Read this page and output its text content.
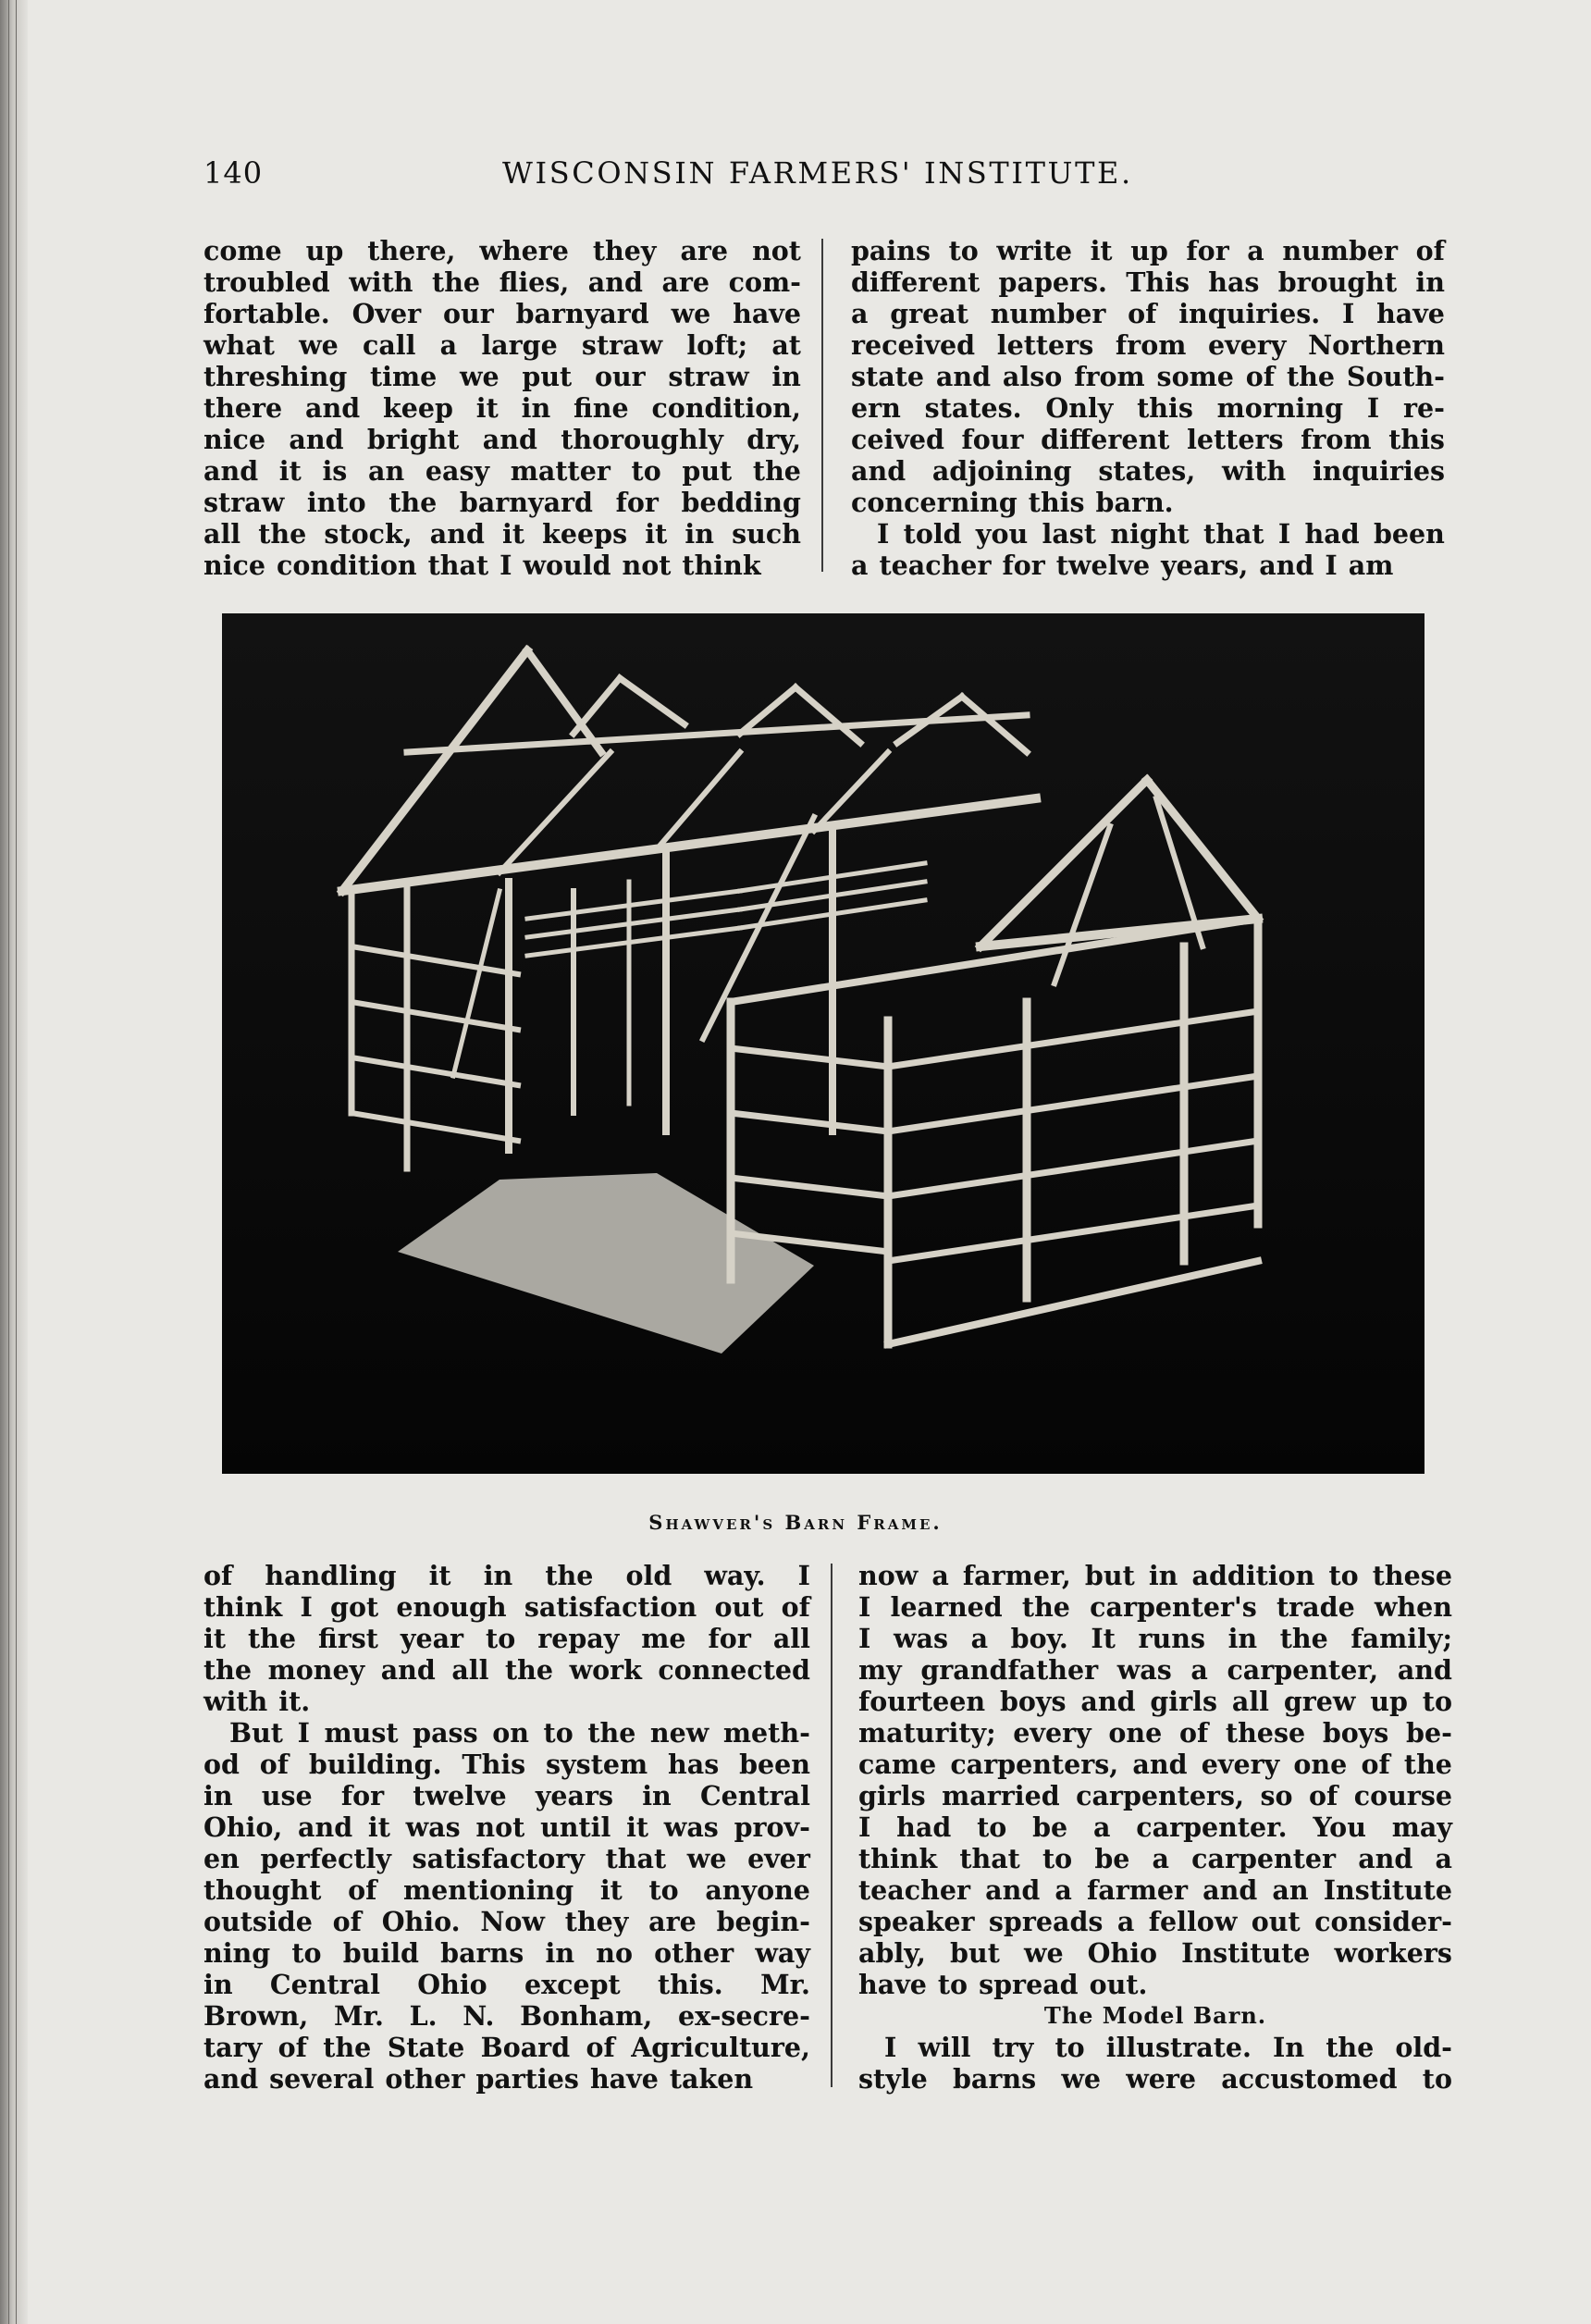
140	WISCONSIN FARMERS' INSTITUTE.
come up there, where they are not
troubled with the flies, and are com-
fortable. Over our barnyard we have
what we call a large straw loft; at
threshing time we put our straw in
there and keep it in fine condition,
nice and bright and thoroughly dry,
and it is an easy matter to put the
straw into the barnyard for bedding
all the stock, and it keeps it in such
nice condition that I would not think
pains to write it up for a number of
different papers. This has brought in
a great number of inquiries. I have
received letters from every Northern
state and also from some of the South-
ern states. Only this morning I re-
ceived four different letters from this
and adjoining states, with inquiries
concerning this barn.
I told you last night that I had been
a teacher for twelve years, and I am
Shawver's Barn Frame.
of handling it in the old way. I
think I got enough satisfaction out of
it the first year to repay me for all
the money and all the work connected
with it.
But I must pass on to the new meth-
od of building. This system has been
in use for twelve years in Central
Ohio, and it was not until it was prov-
en perfectly satisfactory that we ever
thought of mentioning it to anyone
outside of Ohio. Now they are begin-
ning to build barns in no other way
in Central Ohio except this. Mr.
Brown, Mr. L. N. Bonham, ex-secre-
tary of the State Board of Agriculture,
and several other parties have taken
now a farmer, but in addition to these
I learned the carpenter's trade when
I was a boy. It runs in the family;
my grandfather was a carpenter, and
fourteen boys and girls all grew up to
maturity; every one of these boys be-
came carpenters, and every one of the
girls married carpenters, so of course
I had to be a carpenter. You may
think that to be a carpenter and a
teacher and a farmer and an Institute
speaker spreads a fellow out consider-
ably, but we Ohio Institute workers
have to spread out.
The Model Barn.
I will try to illustrate. In the old-
style barns we were accustomed to
